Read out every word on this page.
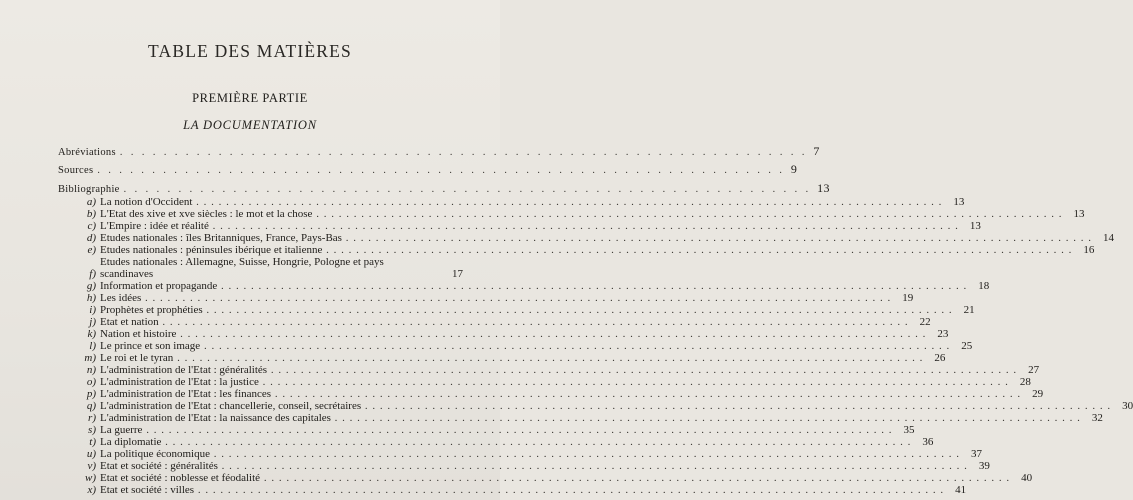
TABLE DES MATIÈRES
PREMIÈRE PARTIE
LA DOCUMENTATION
Abréviations . . . . . . . . . . . . . . . . . . . . . . . . . . . . . . . . . . . . . . . . . . . . . . . . . . . . . . . . . . . . . . . 7
Sources . . . . . . . . . . . . . . . . . . . . . . . . . . . . . . . . . . . . . . . . . . . . . . . . . . . . . . . . . . . . . . . 9
Bibliographie . . . . . . . . . . . . . . . . . . . . . . . . . . . . . . . . . . . . . . . . . . . . . . . . . . . . . . . . . . . . . . . 13
a) La notion d'Occident . . .	13
b) L'Etat des xive et xve siècles : le mot et la chose . . .	13
c) L'Empire : idée et réalité . . .	13
d) Etudes nationales : îles Britanniques, France, Pays-Bas . . .	14
e) Etudes nationales : péninsules ibérique et italienne . . .	16
f)
Etudes nationales : Allemagne, Suisse, Hongrie, Pologne et pays scandinaves	17
g) Information et propagande . . .	18
h) Les idées . . .	19
i) Prophètes et prophéties . . .	21
j) Etat et nation . . .	22
k) Nation et histoire . . .	23
l) Le prince et son image . . .	25
m) Le roi et le tyran . . .	26
n) L'administration de l'Etat : généralités . . .	27
o) L'administration de l'Etat : la justice . . .	28
p) L'administration de l'Etat : les finances . . .	29
q) L'administration de l'Etat : chancellerie, conseil, secrétaires . . .	30
r) L'administration de l'Etat : la naissance des capitales . . .	32
s) La guerre . . .	35
t) La diplomatie . . .	36
u) La politique économique . . .	37
v) Etat et société : généralités . . .	39
w) Etat et société : noblesse et féodalité . . .	40
x) Etat et société : villes . . .	41
